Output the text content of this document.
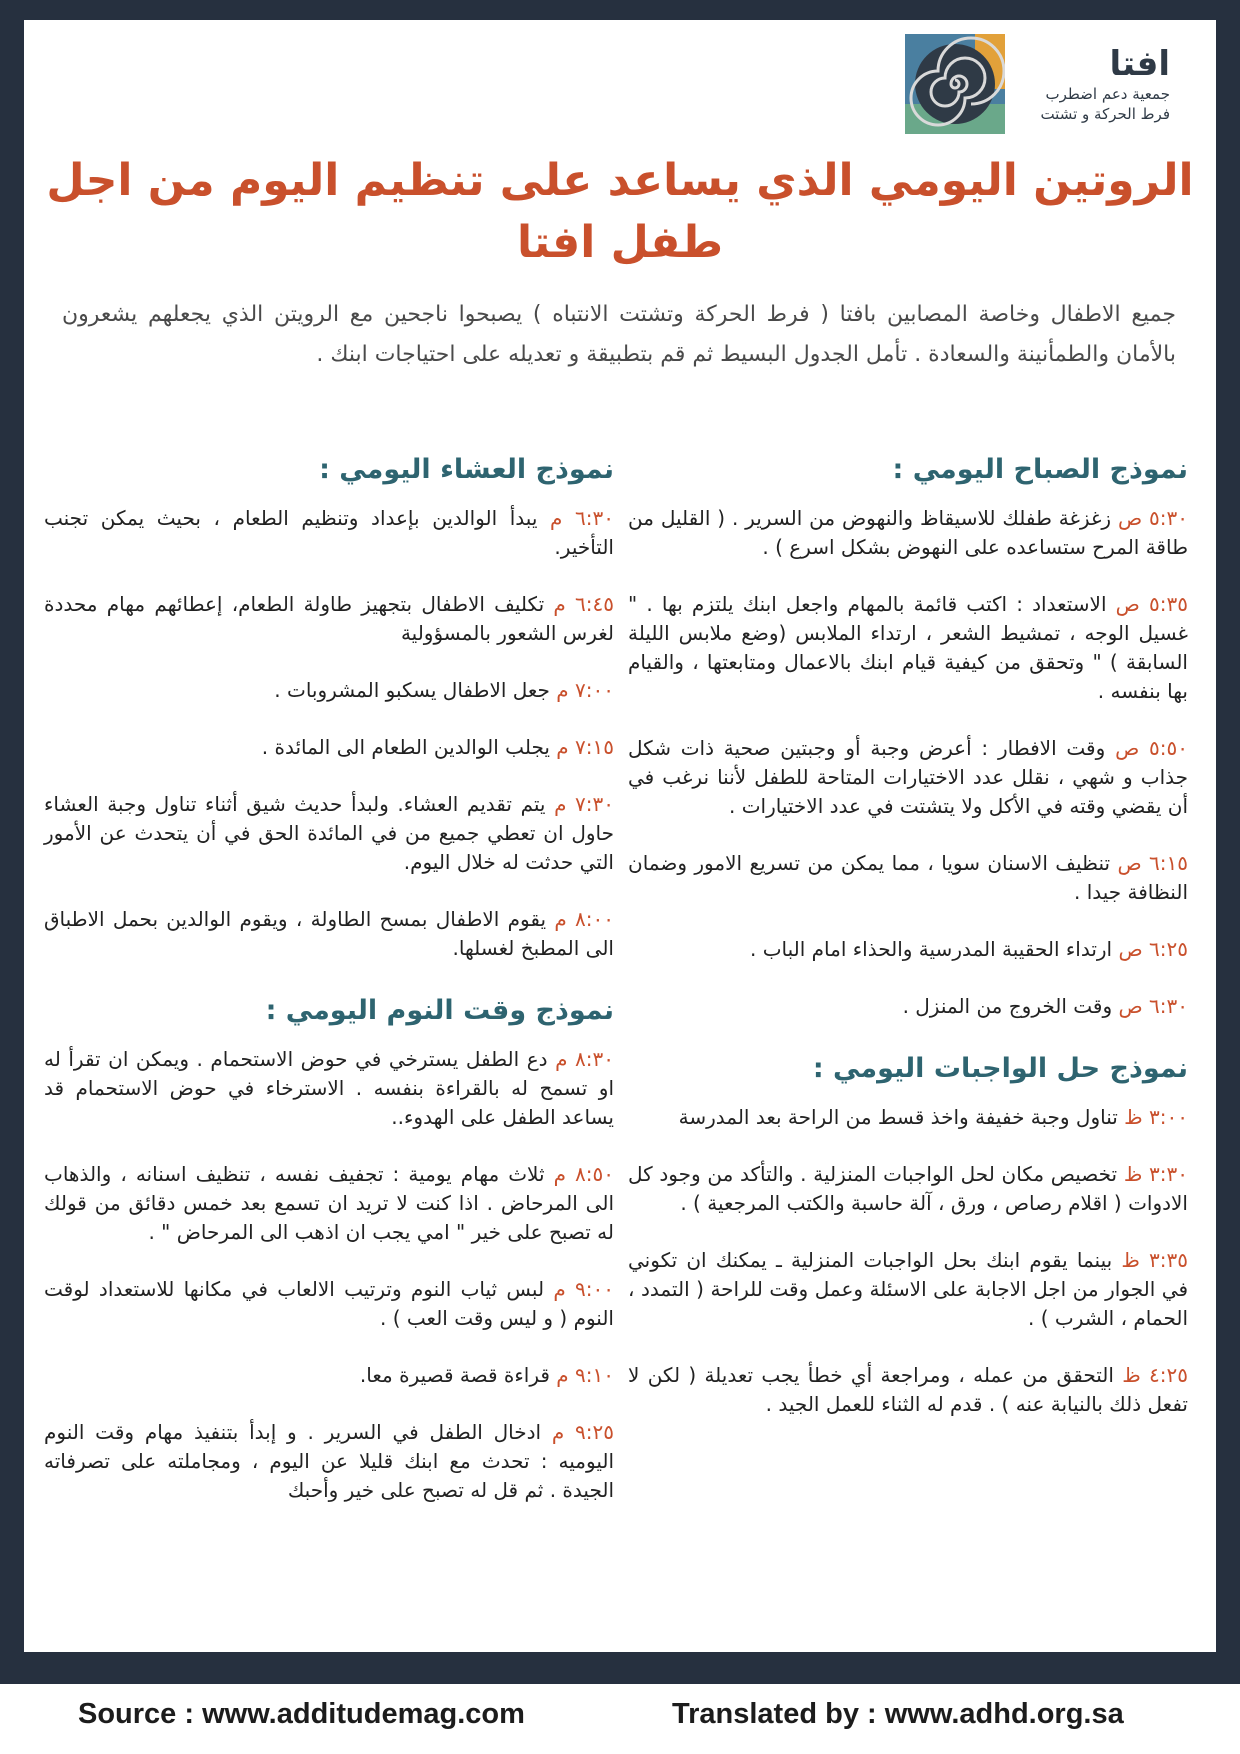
افتا
جمعية دعم اضطرب
فرط الحركة و تشتت
الروتين اليومي الذي يساعد على تنظيم اليوم من اجل طفل افتا

جميع الاطفال وخاصة المصابين بافتا ( فرط الحركة وتشتت الانتباه ) يصبحوا ناجحين مع الرويتن الذي يجعلهم يشعرون بالأمان والطمأنينة والسعادة . تأمل الجدول البسيط ثم قم بتطبيقة و تعديله على احتياجات ابنك .

نموذج الصباح اليومي :
٥:٣٠ ص زغزغة طفلك للاسيقاظ والنهوض من السرير . ( القليل من طاقة المرح ستساعده على النهوض بشكل اسرع ) .
٥:٣٥ ص الاستعداد : اكتب قائمة بالمهام واجعل ابنك يلتزم بها . " غسيل الوجه ، تمشيط الشعر ، ارتداء الملابس (وضع ملابس الليلة السابقة ) " وتحقق من كيفية قيام ابنك بالاعمال ومتابعتها ، والقيام بها بنفسه .
٥:٥٠ ص وقت الافطار : أعرض وجبة أو وجبتين صحية ذات شكل جذاب و شهي ، نقلل عدد الاختيارات المتاحة للطفل لأننا نرغب في أن يقضي وقته في الأكل ولا يتشتت في عدد الاختيارات .
٦:١٥ ص تنظيف الاسنان سويا ، مما يمكن من تسريع الامور وضمان النظافة جيدا .
٦:٢٥ ص ارتداء الحقيبة المدرسية والحذاء امام الباب .
٦:٣٠ ص وقت الخروج من المنزل .
نموذج حل الواجبات اليومي :
٣:٠٠ ظ تناول وجبة خفيفة واخذ قسط من الراحة بعد المدرسة
٣:٣٠ ظ تخصيص مكان لحل الواجبات المنزلية . والتأكد من وجود كل الادوات ( اقلام رصاص ، ورق ، آلة حاسبة والكتب المرجعية ) .
٣:٣٥ ظ بينما يقوم ابنك بحل الواجبات المنزلية ـ يمكنك ان تكوني في الجوار من اجل الاجابة على الاسئلة وعمل وقت للراحة ( التمدد ، الحمام ، الشرب ) .
٤:٢٥ ظ التحقق من عمله ، ومراجعة أي خطأ يجب تعديلة ( لكن لا تفعل ذلك بالنيابة عنه ) . قدم له الثناء للعمل الجيد .
نموذج العشاء اليومي :
٦:٣٠ م يبدأ الوالدين بإعداد وتنظيم الطعام ، بحيث يمكن تجنب التأخير.
٦:٤٥ م تكليف الاطفال بتجهيز طاولة الطعام، إعطائهم مهام محددة لغرس الشعور بالمسؤولية
٧:٠٠ م جعل الاطفال يسكبو المشروبات .
٧:١٥ م يجلب الوالدين الطعام الى المائدة .
٧:٣٠ م يتم تقديم العشاء. ولبدأ حديث شيق أثناء تناول وجبة العشاء حاول ان تعطي جميع من في المائدة الحق في أن يتحدث عن الأمور التي حدثت له خلال اليوم.
٨:٠٠ م يقوم الاطفال بمسح الطاولة ، ويقوم الوالدين بحمل الاطباق الى المطبخ لغسلها.
نموذج وقت النوم اليومي :
٨:٣٠ م دع الطفل يسترخي في حوض الاستحمام . ويمكن ان تقرأ له او تسمح له بالقراءة بنفسه . الاسترخاء في حوض الاستحمام قد يساعد الطفل على الهدوء..
٨:٥٠ م ثلاث مهام يومية : تجفيف نفسه ، تنظيف اسنانه ، والذهاب الى المرحاض . اذا كنت لا تريد ان تسمع بعد خمس دقائق من قولك له تصبح على خير " امي يجب ان اذهب الى المرحاض " .
٩:٠٠ م لبس ثياب النوم وترتيب الالعاب في مكانها للاستعداد لوقت النوم ( و ليس وقت العب ) .
٩:١٠ م قراءة قصة قصيرة معا.
٩:٢٥ م ادخال الطفل في السرير . و إبدأ بتنفيذ مهام وقت النوم اليوميه : تحدث مع ابنك قليلا عن اليوم ، ومجاملته على تصرفاته الجيدة . ثم قل له تصبح على خير وأحبك
Source : www.additudemag.com	Translated by : www.adhd.org.sa
